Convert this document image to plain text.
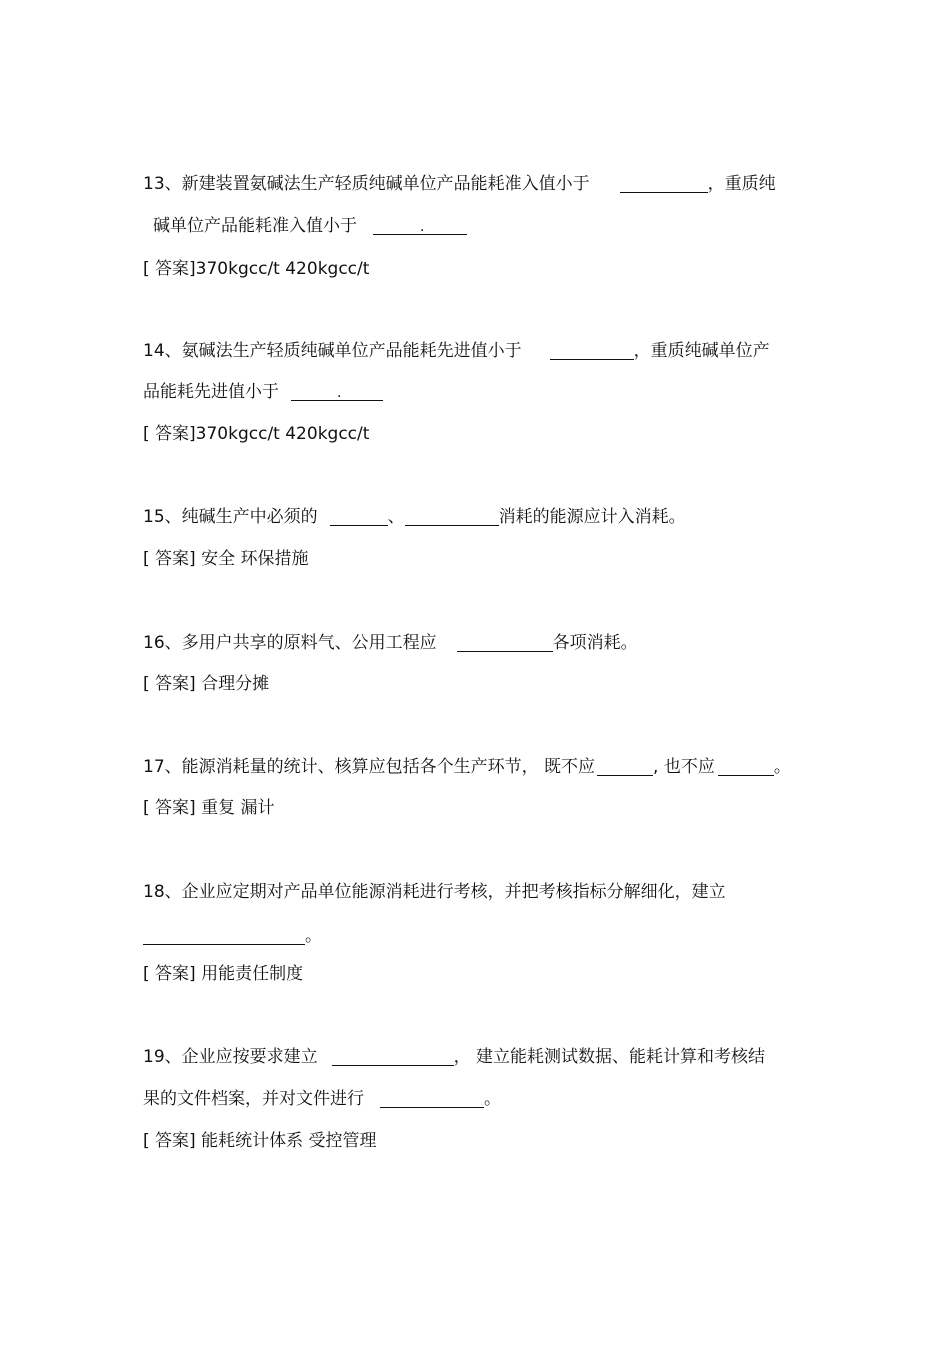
13、新建装置氨碱法生产轻质纯碱单位产品能耗准入值小于	，重质纯
碱单位产品能耗准入值小于	.
[ 答案]370kgcc/t 420kgcc/t
14、氨碱法生产轻质纯碱单位产品能耗先进值小于	，重质纯碱单位产
品能耗先进值小于	.
[ 答案]370kgcc/t 420kgcc/t
15、纯碱生产中必须的	、	消耗的能源应计入消耗。
[ 答案] 安全 环保措施
16、多用户共享的原料气、公用工程应	各项消耗。
[ 答案] 合理分摊
17、能源消耗量的统计、核算应包括各个生产环节， 既不应	, 也不应	。
[ 答案] 重复 漏计
18、企业应定期对产品单位能源消耗进行考核，并把考核指标分解细化，建立
。
[ 答案] 用能责任制度
19、企业应按要求建立	， 建立能耗测试数据、能耗计算和考核结
果的文件档案，并对文件进行	。
[ 答案] 能耗统计体系 受控管理
